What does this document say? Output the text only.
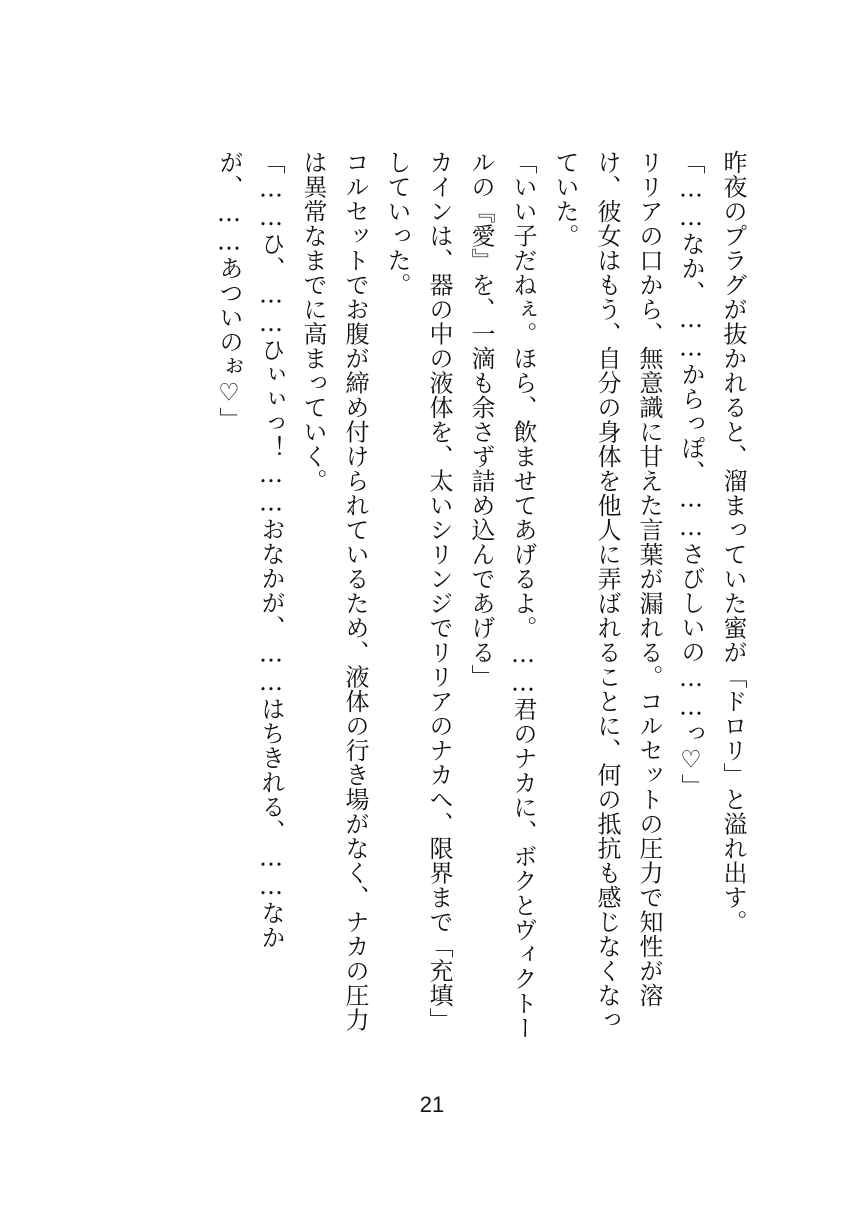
昨夜のプラグが抜かれると、溜まっていた蜜が「ドロリ」と溢れ出す。
「……なか、……からっぽ、……さびしいの……っ♡」
リリアの口から、無意識に甘えた言葉が漏れる。コルセットの圧力で知性が溶け、彼女はもう、自分の身体を他人に弄ばれることに、何の抵抗も感じなくなっていた。
「いい子だねぇ。ほら、飲ませてあげるよ。……君のナカに、ボクとヴィクトールの『愛』を、一滴も余さず詰め込んであげる」
カインは、器の中の液体を、太いシリンジでリリアのナカへ、限界まで「充填」していった。
コルセットでお腹が締め付けられているため、液体の行き場がなく、ナカの圧力は異常なまでに高まっていく。
「……ひ、……ひぃぃっ！……おなかが、……はちきれる、……なかが、……あついのぉ♡」
21
